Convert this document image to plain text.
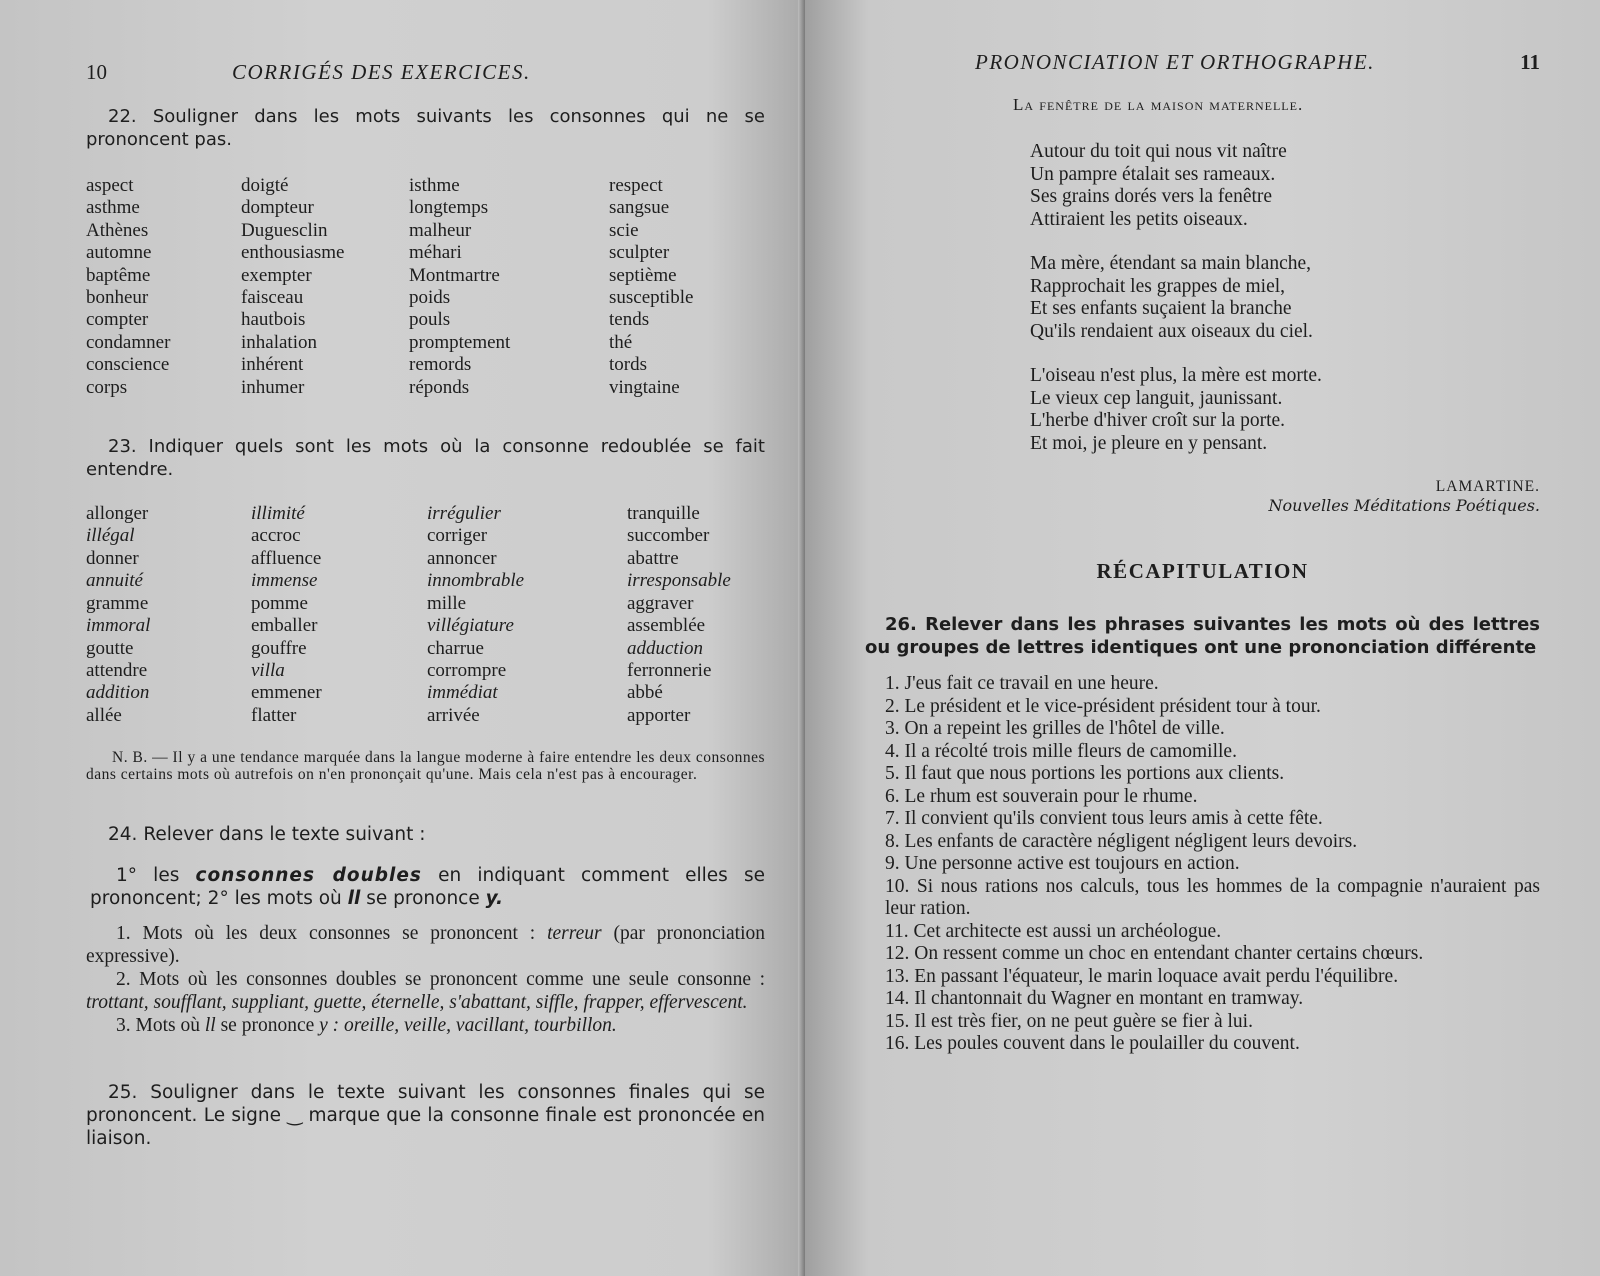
10	CORRIGÉS DES EXERCICES.

22. Souligner dans les mots suivants les consonnes qui ne se prononcent pas.

aspect
asthme
Athènes
automne
baptême
bonheur
compter
condamner
conscience
corps
doigté
dompteur
Duguesclin
enthousiasme
exempter
faisceau
hautbois
inhalation
inhérent
inhumer
isthme
longtemps
malheur
méhari
Montmartre
poids
pouls
promptement
remords
réponds
respect
sangsue
scie
sculpter
septième
susceptible
tends
thé
tords
vingtaine

23. Indiquer quels sont les mots où la consonne redoublée se fait entendre.

allonger
illégal
donner
annuité
gramme
immoral
goutte
attendre
addition
allée
illimité
accroc
affluence
immense
pomme
emballer
gouffre
villa
emmener
flatter
irrégulier
corriger
annoncer
innombrable
mille
villégiature
charrue
corrompre
immédiat
arrivée
tranquille
succomber
abattre
irresponsable
aggraver
assemblée
adduction
ferronnerie
abbé
apporter

N. B. — Il y a une tendance marquée dans la langue moderne à faire entendre les deux consonnes dans certains mots où autrefois on n'en prononçait qu'une. Mais cela n'est pas à encourager.

24. Relever dans le texte suivant :

1° les consonnes doubles en indiquant comment elles se prononcent; 2° les mots où ll se prononce y.

1. Mots où les deux consonnes se prononcent : terreur (par prononciation expressive).

2. Mots où les consonnes doubles se prononcent comme une seule consonne : trottant, soufflant, suppliant, guette, éternelle, s'abattant, siffle, frapper, effervescent.

3. Mots où ll se prononce y : oreille, veille, vacillant, tourbillon.

25. Souligner dans le texte suivant les consonnes finales qui se prononcent. Le signe ‿ marque que la consonne finale est prononcée en liaison.

PRONONCIATION ET ORTHOGRAPHE.	11
La fenêtre de la maison maternelle.
Autour du toit qui nous vit naître
Un pampre étalait ses rameaux.
Ses grains dorés vers la fenêtre
Attiraient les petits oiseaux.
Ma mère, étendant sa main blanche,
Rapprochait les grappes de miel,
Et ses enfants suçaient la branche
Qu'ils rendaient aux oiseaux du ciel.
L'oiseau n'est plus, la mère est morte.
Le vieux cep languit, jaunissant.
L'herbe d'hiver croît sur la porte.
Et moi, je pleure en y pensant.
LAMARTINE.
Nouvelles Méditations Poétiques.
RÉCAPITULATION

26. Relever dans les phrases suivantes les mots où des lettres ou groupes de lettres identiques ont une prononciation différente

1. J'eus fait ce travail en une heure.
2. Le président et le vice-président président tour à tour.
3. On a repeint les grilles de l'hôtel de ville.
4. Il a récolté trois mille fleurs de camomille.
5. Il faut que nous portions les portions aux clients.
6. Le rhum est souverain pour le rhume.
7. Il convient qu'ils convient tous leurs amis à cette fête.
8. Les enfants de caractère négligent négligent leurs devoirs.
9. Une personne active est toujours en action.
10. Si nous rations nos calculs, tous les hommes de la compagnie n'auraient pas leur ration.
11. Cet architecte est aussi un archéologue.
12. On ressent comme un choc en entendant chanter certains chœurs.
13. En passant l'équateur, le marin loquace avait perdu l'équilibre.
14. Il chantonnait du Wagner en montant en tramway.
15. Il est très fier, on ne peut guère se fier à lui.
16. Les poules couvent dans le poulailler du couvent.
